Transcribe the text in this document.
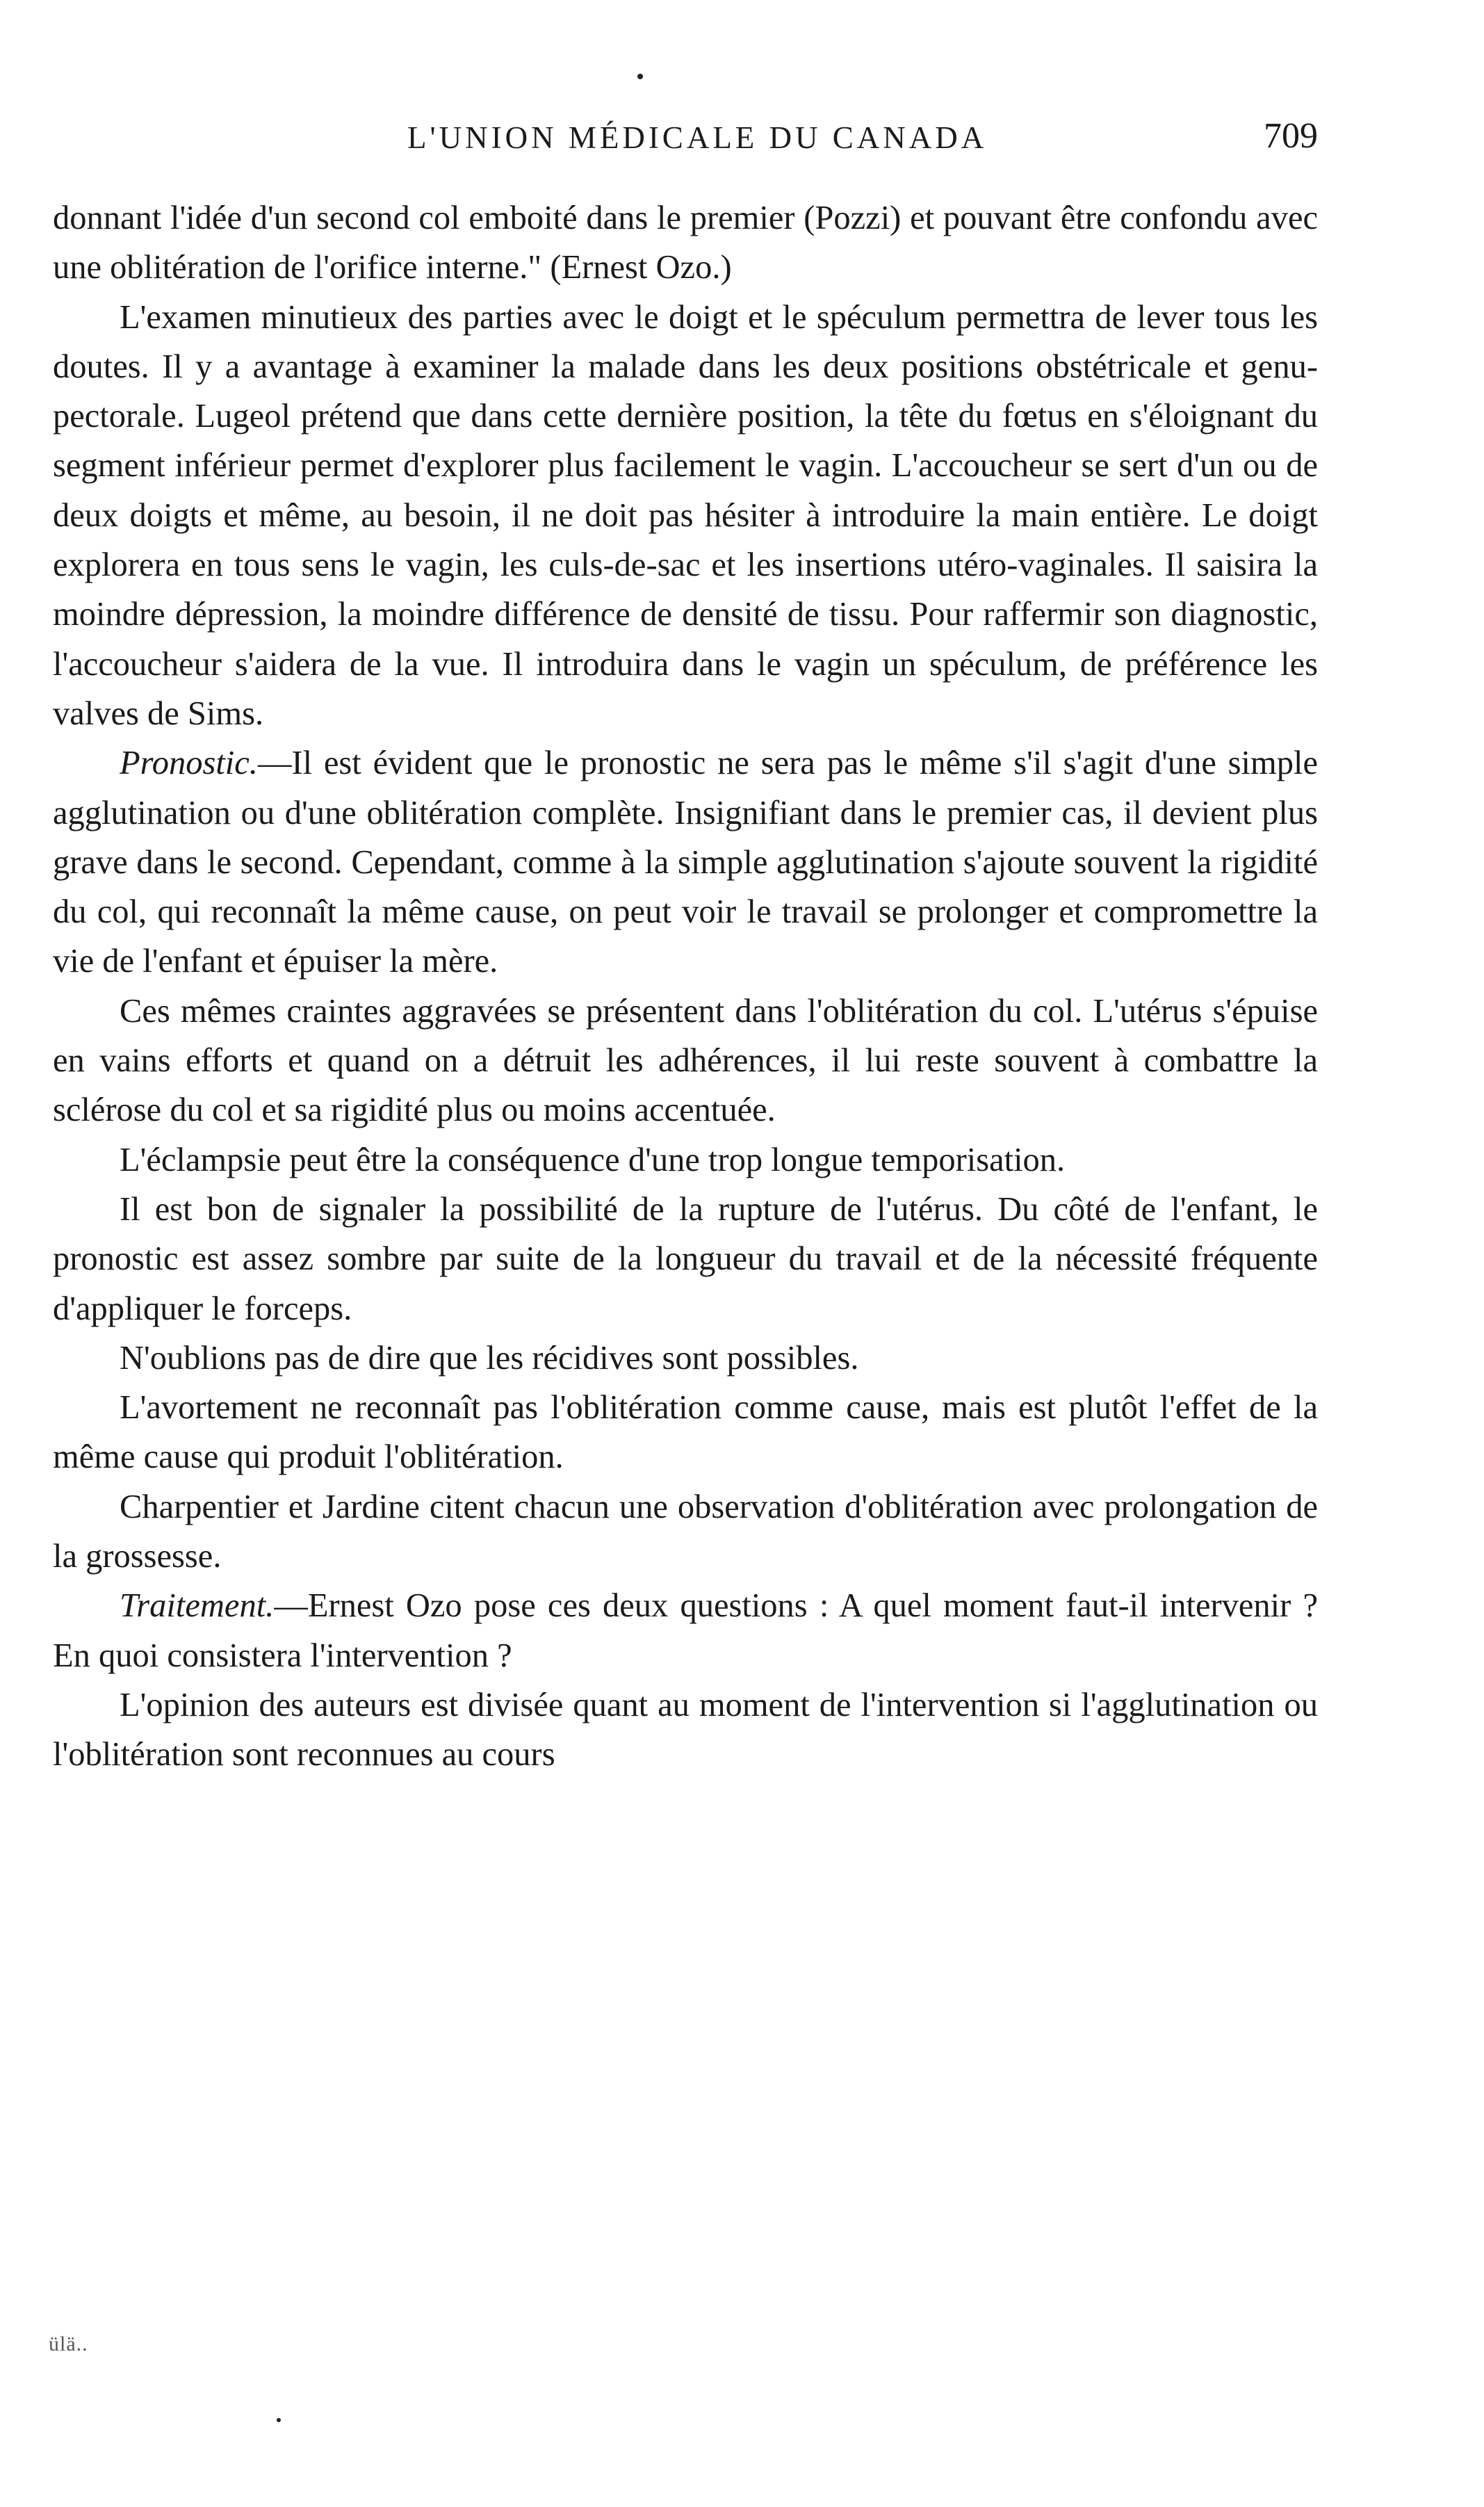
L'UNION MÉDICALE DU CANADA	709

donnant l'idée d'un second col emboité dans le premier (Pozzi) et pouvant être confondu avec une oblitération de l'orifice interne." (Ernest Ozo.)

L'examen minutieux des parties avec le doigt et le spéculum permettra de lever tous les doutes. Il y a avantage à examiner la malade dans les deux positions obstétricale et genu-pectorale. Lugeol prétend que dans cette dernière position, la tête du fœtus en s'éloignant du segment inférieur permet d'explorer plus facilement le vagin. L'accoucheur se sert d'un ou de deux doigts et même, au besoin, il ne doit pas hésiter à introduire la main entière. Le doigt explorera en tous sens le vagin, les culs-de-sac et les insertions utéro-vaginales. Il saisira la moindre dépression, la moindre différence de densité de tissu. Pour raffermir son diagnostic, l'accoucheur s'aidera de la vue. Il introduira dans le vagin un spéculum, de préférence les valves de Sims.

Pronostic.—Il est évident que le pronostic ne sera pas le même s'il s'agit d'une simple agglutination ou d'une oblitération complète. Insignifiant dans le premier cas, il devient plus grave dans le second. Cependant, comme à la simple agglutination s'ajoute souvent la rigidité du col, qui reconnaît la même cause, on peut voir le travail se prolonger et compromettre la vie de l'enfant et épuiser la mère.

Ces mêmes craintes aggravées se présentent dans l'oblitération du col. L'utérus s'épuise en vains efforts et quand on a détruit les adhérences, il lui reste souvent à combattre la sclérose du col et sa rigidité plus ou moins accentuée.

L'éclampsie peut être la conséquence d'une trop longue temporisation.

Il est bon de signaler la possibilité de la rupture de l'utérus. Du côté de l'enfant, le pronostic est assez sombre par suite de la longueur du travail et de la nécessité fréquente d'appliquer le forceps.

N'oublions pas de dire que les récidives sont possibles.

L'avortement ne reconnaît pas l'oblitération comme cause, mais est plutôt l'effet de la même cause qui produit l'oblitération.

Charpentier et Jardine citent chacun une observation d'oblitération avec prolongation de la grossesse.

Traitement.—Ernest Ozo pose ces deux questions : A quel moment faut-il intervenir ? En quoi consistera l'intervention ?

L'opinion des auteurs est divisée quant au moment de l'intervention si l'agglutination ou l'oblitération sont reconnues au cours

ülä..
